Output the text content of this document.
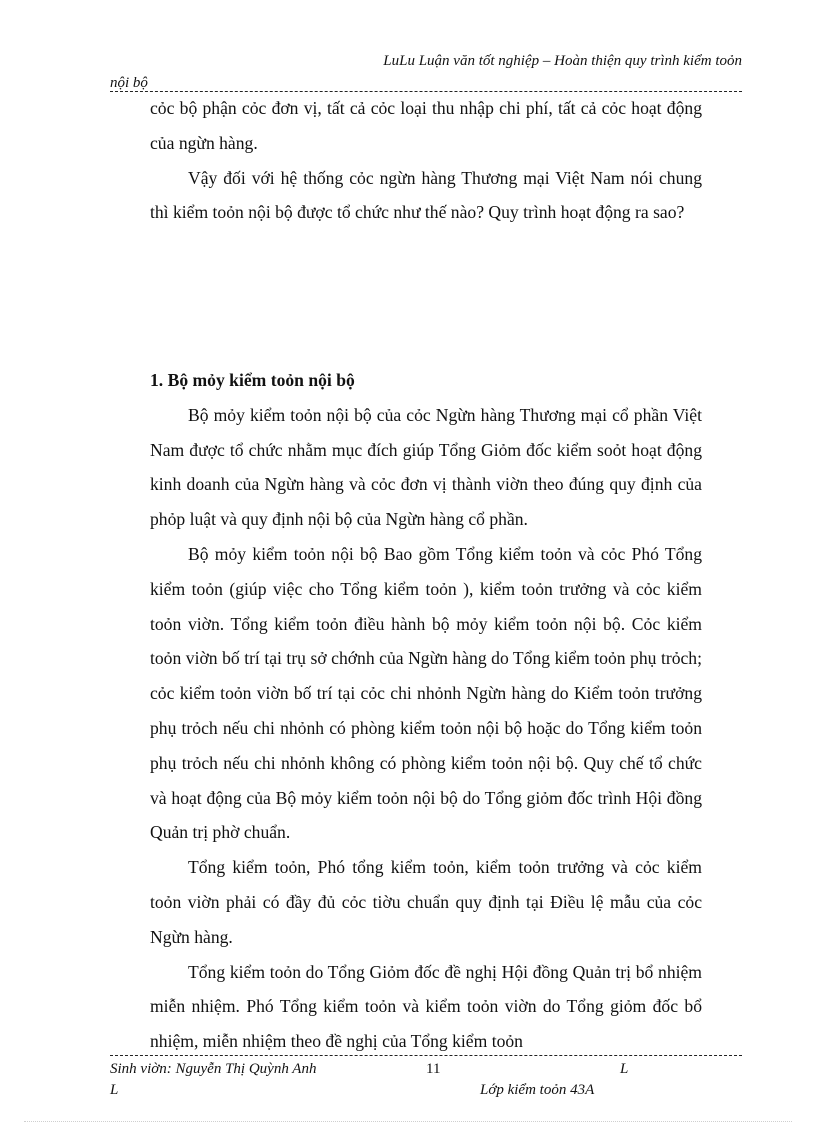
LuLu Luận văn tốt nghiệp – Hoàn thiện quy trình kiểm toỏn
nội bộ

cỏc bộ phận cỏc đơn vị, tất cả cỏc loại thu nhập chi phí, tất cả cỏc hoạt động của ngừn hàng.

Vậy đối với hệ thống cỏc ngừn hàng Thương mại Việt Nam nói chung thì kiểm toỏn nội bộ được tổ chức như thế nào? Quy trình hoạt động ra sao?

1. Bộ mỏy kiểm toỏn nội bộ

Bộ mỏy kiểm toỏn nội bộ của cỏc Ngừn hàng Thương mại cổ phần Việt Nam được tổ chức nhằm mục đích giúp Tổng Giỏm đốc kiểm soỏt hoạt động kinh doanh của Ngừn hàng và cỏc đơn vị thành viờn theo đúng quy định của phỏp luật và quy định nội bộ của Ngừn hàng cổ phần.

Bộ mỏy kiểm toỏn nội bộ Bao gồm Tổng kiểm toỏn và cỏc Phó Tổng kiểm toỏn (giúp việc cho Tổng kiểm toỏn ), kiểm toỏn trưởng và cỏc kiểm toỏn viờn. Tổng kiểm toỏn điều hành bộ mỏy kiểm toỏn nội bộ. Cỏc kiểm toỏn viờn bố trí tại trụ sở chớnh của Ngừn hàng do Tổng kiểm toỏn phụ trỏch; cỏc kiểm toỏn viờn bố trí tại cỏc chi nhỏnh Ngừn hàng do Kiểm toỏn trưởng phụ trỏch nếu chi nhỏnh có phòng kiểm toỏn nội bộ hoặc do Tổng kiểm toỏn phụ trỏch nếu chi nhỏnh không có phòng kiểm toỏn nội bộ. Quy chế tổ chức và hoạt động của Bộ mỏy kiểm toỏn nội bộ do Tổng giỏm đốc trình Hội đồng Quản trị phờ chuẩn.

Tổng kiểm toỏn, Phó tổng kiểm toỏn, kiểm toỏn trưởng và cỏc kiểm toỏn viờn phải có đầy đủ cỏc tiờu chuẩn quy định tại Điều lệ mẫu của cỏc Ngừn hàng.

Tổng kiểm toỏn do Tổng Giỏm đốc đề nghị Hội đồng Quản trị bổ nhiệm miễn nhiệm. Phó Tổng kiểm toỏn và kiểm toỏn viờn do Tổng giỏm đốc bổ nhiệm, miễn nhiệm theo đề nghị của Tổng kiểm toỏn

Sinh viờn: Nguyễn Thị Quỳnh Anh	11	L
L	Lớp kiểm toỏn 43A
